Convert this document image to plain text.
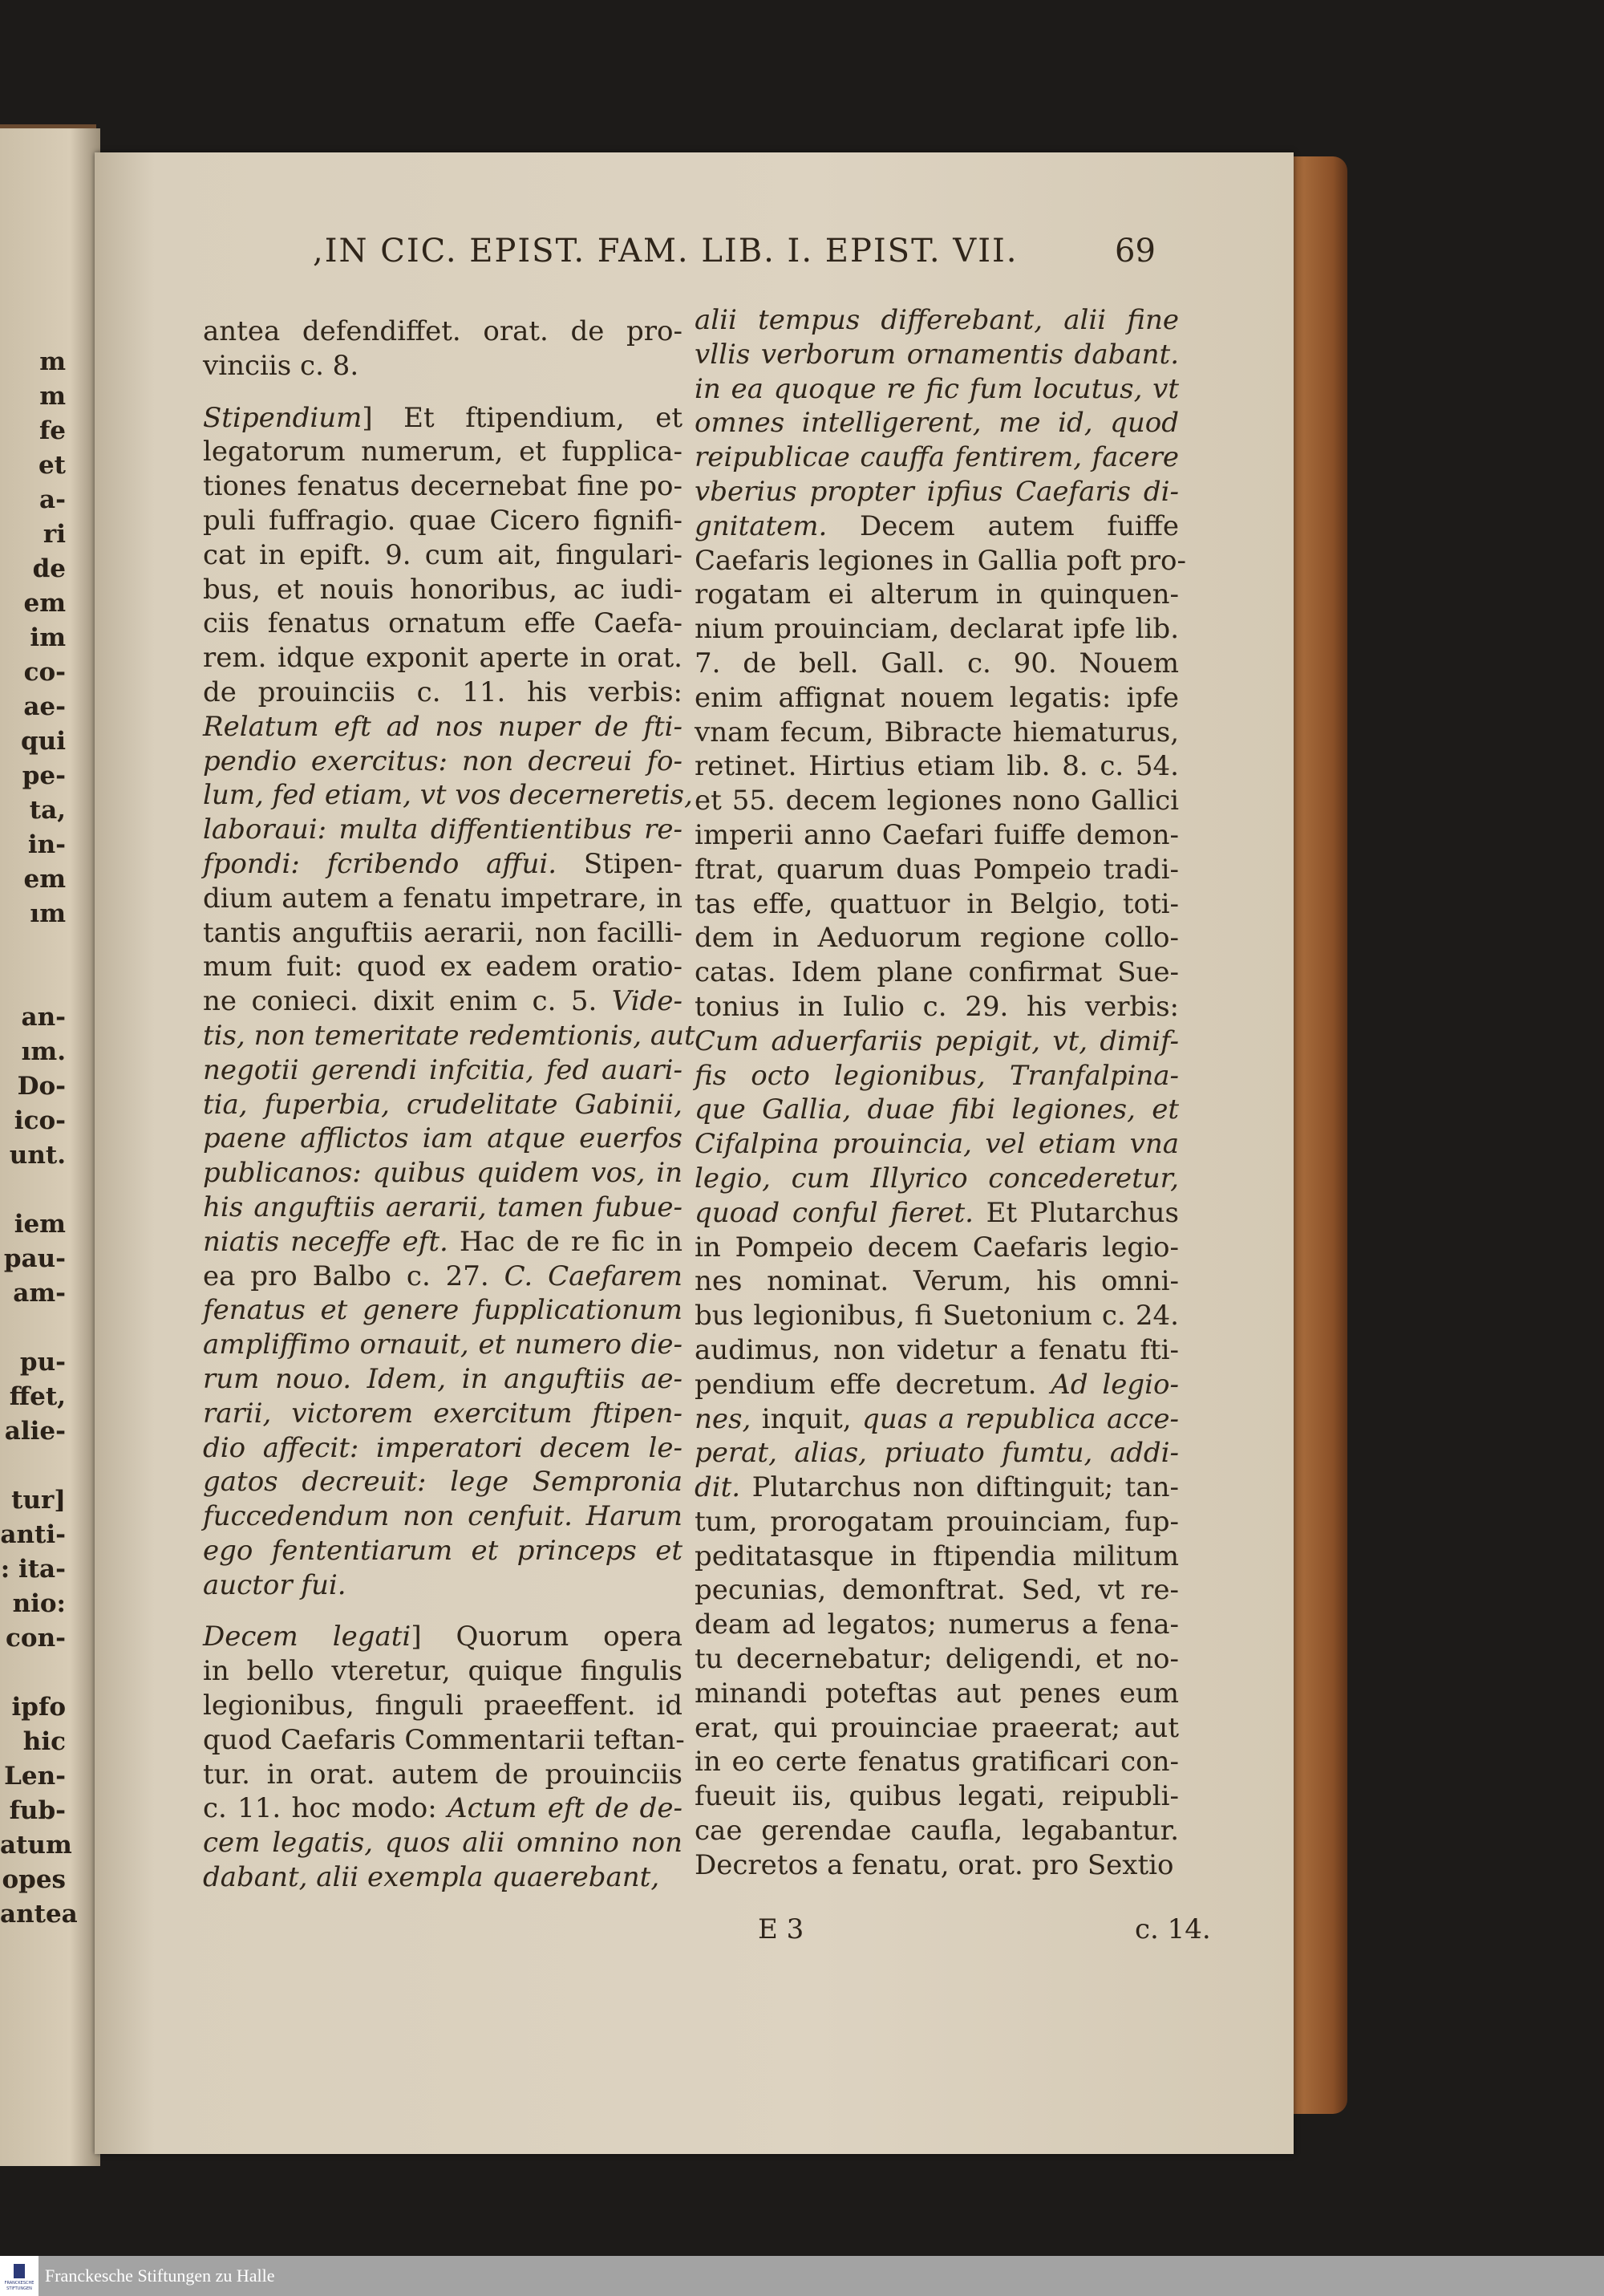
m
m
fe
et
a-
ri
de
em
im
co-
ae-
qui
pe-
ta,
in-
em
ım
an-
ım.
Do-
ico-
unt.
iem
pau-
am-
pu-
ffet,
alie-
tur]
anti-
: ita-
nio:
con-
ipfo
hic
Len-
fub-
atum
opes
antea
,IN CIC. EPIST. FAM. LIB. I. EPIST. VII.	69
antea defendiffet. orat. de pro-
vinciis c. 8.
Stipendium] Et ftipendium, et
legatorum numerum, et fupplica-
tiones fenatus decernebat fine po-
puli fuffragio. quae Cicero fignifi-
cat in epift. 9. cum ait, fingulari-
bus, et nouis honoribus, ac iudi-
ciis fenatus ornatum effe Caefa-
rem. idque exponit aperte in orat.
de prouinciis c. 11. his verbis:
Relatum eft ad nos nuper de fti-
pendio exercitus: non decreui fo-
lum, fed etiam, vt vos decerneretis,
laboraui: multa diffentientibus re-
fpondi: fcribendo affui. Stipen-
dium autem a fenatu impetrare, in
tantis anguftiis aerarii, non facilli-
mum fuit: quod ex eadem oratio-
ne conieci. dixit enim c. 5. Vide-
tis, non temeritate redemtionis, aut
negotii gerendi infcitia, fed auari-
tia, fuperbia, crudelitate Gabinii,
paene afflictos iam atque euerfos
publicanos: quibus quidem vos, in
his anguftiis aerarii, tamen fubue-
niatis neceffe eft. Hac de re fic in
ea pro Balbo c. 27. C. Caefarem
fenatus et genere fupplicationum
ampliffimo ornauit, et numero die-
rum nouo. Idem, in anguftiis ae-
rarii, victorem exercitum ftipen-
dio affecit: imperatori decem le-
gatos decreuit: lege Sempronia
fuccedendum non cenfuit. Harum
ego fententiarum et princeps et
auctor fui.
Decem legati] Quorum opera
in bello vteretur, quique fingulis
legionibus, finguli praeeffent. id
quod Caefaris Commentarii teftan-
tur. in orat. autem de prouinciis
c. 11. hoc modo: Actum eft de de-
cem legatis, quos alii omnino non
dabant, alii exempla quaerebant,
alii tempus differebant, alii fine
vllis verborum ornamentis dabant.
in ea quoque re fic fum locutus, vt
omnes intelligerent, me id, quod
reipublicae cauffa fentirem, facere
vberius propter ipfius Caefaris di-
gnitatem. Decem autem fuiffe
Caefaris legiones in Gallia poft pro-
rogatam ei alterum in quinquen-
nium prouinciam, declarat ipfe lib.
7. de bell. Gall. c. 90. Nouem
enim affignat nouem legatis: ipfe
vnam fecum, Bibracte hiematurus,
retinet. Hirtius etiam lib. 8. c. 54.
et 55. decem legiones nono Gallici
imperii anno Caefari fuiffe demon-
ftrat, quarum duas Pompeio tradi-
tas effe, quattuor in Belgio, toti-
dem in Aeduorum regione collo-
catas. Idem plane confirmat Sue-
tonius in Iulio c. 29. his verbis:
Cum aduerfariis pepigit, vt, dimif-
fis octo legionibus, Tranfalpina-
que Gallia, duae fibi legiones, et
Cifalpina prouincia, vel etiam vna
legio, cum Illyrico concederetur,
quoad conful fieret. Et Plutarchus
in Pompeio decem Caefaris legio-
nes nominat. Verum, his omni-
bus legionibus, fi Suetonium c. 24.
audimus, non videtur a fenatu fti-
pendium effe decretum. Ad legio-
nes, inquit, quas a republica acce-
perat, alias, priuato fumtu, addi-
dit. Plutarchus non diftinguit; tan-
tum, prorogatam prouinciam, fup-
peditatasque in ftipendia militum
pecunias, demonftrat. Sed, vt re-
deam ad legatos; numerus a fena-
tu decernebatur; deligendi, et no-
minandi poteftas aut penes eum
erat, qui prouinciae praeerat; aut
in eo certe fenatus gratificari con-
fueuit iis, quibus legati, reipubli-
cae gerendae caufla, legabantur.
Decretos a fenatu, orat. pro Sextio
E 3	c. 14.
FRANCKESCHE STIFTUNGEN
Franckesche Stiftungen zu Halle
